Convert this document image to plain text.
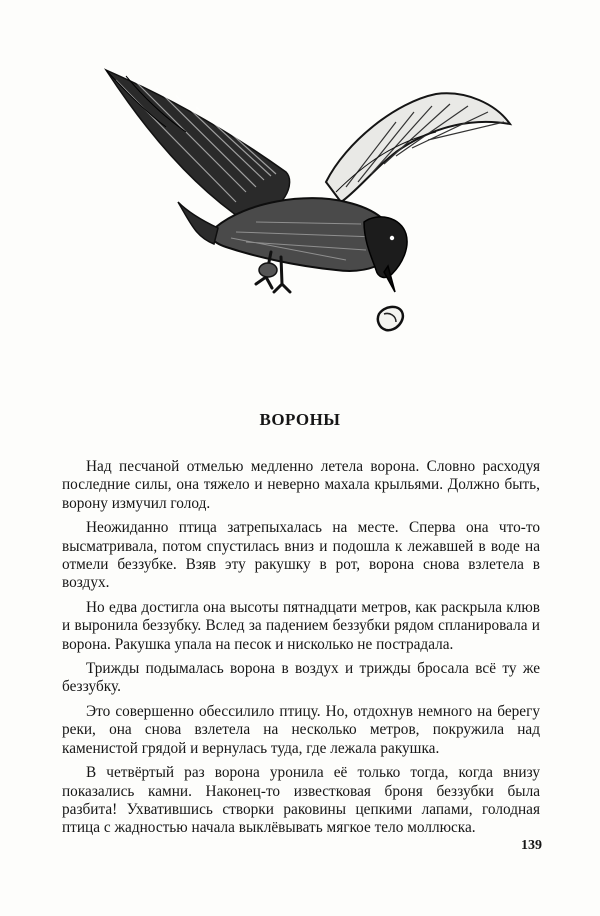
ВОРОНЫ

Над песчаной отмелью медленно летела ворона. Словно расходуя последние силы, она тяжело и неверно махала крыльями. Должно быть, ворону измучил голод.

Неожиданно птица затрепыхалась на месте. Сперва она что-то высматривала, потом спустилась вниз и подошла к лежавшей в воде на отмели беззубке. Взяв эту ракушку в рот, ворона снова взлетела в воздух.

Но едва достигла она высоты пятнадцати метров, как раскрыла клюв и выронила беззубку. Вслед за падением беззубки рядом спланировала и ворона. Ракушка упала на песок и нисколько не пострадала.

Трижды подымалась ворона в воздух и трижды бросала всё ту же беззубку.

Это совершенно обессилило птицу. Но, отдохнув немного на берегу реки, она снова взлетела на несколько метров, покружила над каменистой грядой и вернулась туда, где лежала ракушка.

В четвёртый раз ворона уронила её только тогда, когда внизу показались камни. Наконец-то известковая броня беззубки была разбита! Ухватившись створки раковины цепкими лапами, голодная птица с жадностью начала выклёвывать мягкое тело моллюска.

139
